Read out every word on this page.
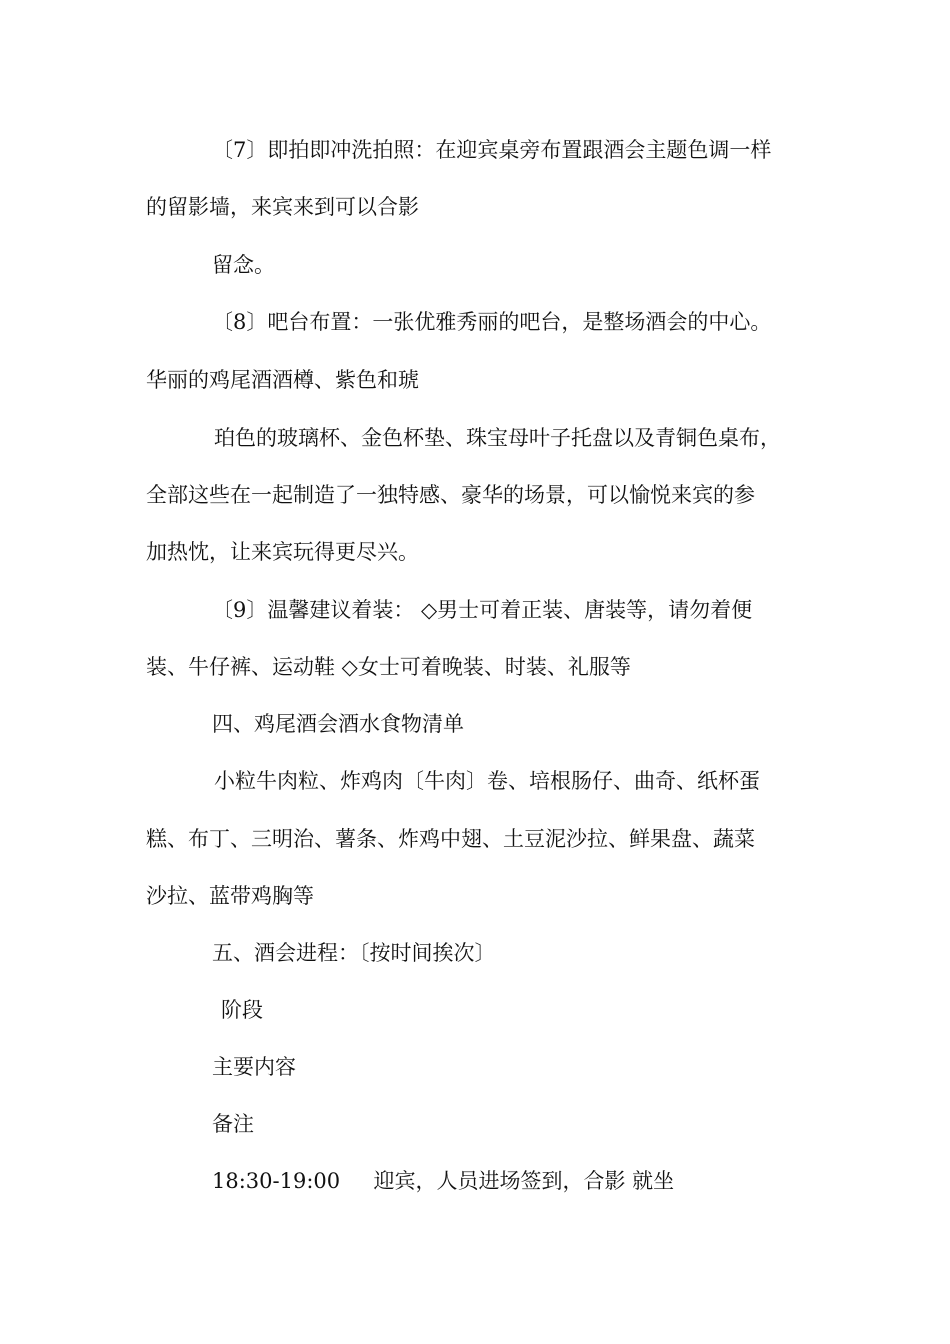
〔7〕即拍即冲洗拍照：在迎宾桌旁布置跟酒会主题色调一样

的留影墙，来宾来到可以合影

留念。

〔8〕吧台布置：一张优雅秀丽的吧台，是整场酒会的中心。

华丽的鸡尾酒酒樽、紫色和琥

珀色的玻璃杯、金色杯垫、珠宝母叶子托盘以及青铜色桌布，

全部这些在一起制造了一独特感、豪华的场景，可以愉悦来宾的参

加热忱，让来宾玩得更尽兴。

〔9〕温馨建议着装： ◇男士可着正装、唐装等，请勿着便

装、牛仔裤、运动鞋 ◇女士可着晚装、时装、礼服等

四、鸡尾酒会酒水食物清单

小粒牛肉粒、炸鸡肉〔牛肉〕卷、培根肠仔、曲奇、纸杯蛋

糕、布丁、三明治、薯条、炸鸡中翅、土豆泥沙拉、鲜果盘、蔬菜

沙拉、蓝带鸡胸等

五、酒会进程：〔按时间挨次〕

阶段

主要内容

备注

18:30-19:00     迎宾，人员进场签到，合影 就坐
